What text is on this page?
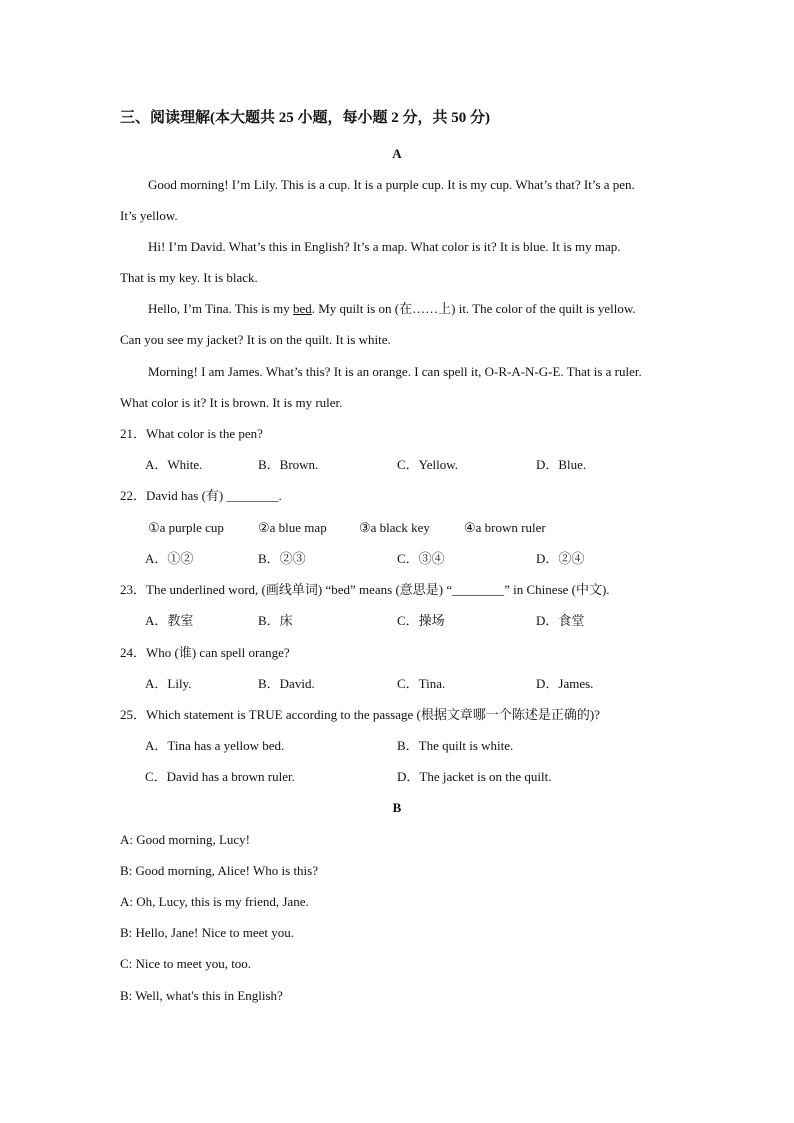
三、阅读理解(本大题共 25 小题，每小题 2 分，共 50 分)
A
Good morning! I’m Lily. This is a cup. It is a purple cup. It is my cup. What’s that? It’s a pen.
It’s yellow.
Hi! I’m David. What’s this in English? It’s a map. What color is it? It is blue. It is my map.
That is my key. It is black.
Hello, I’m Tina. This is my bed. My quilt is on (在……上) it. The color of the quilt is yellow.
Can you see my jacket? It is on the quilt. It is white.
Morning! I am James. What’s this? It is an orange. I can spell it, O-R-A-N-G-E. That is a ruler.
What color is it? It is brown. It is my ruler.
21．What color is the pen?
A．White.	B．Brown.	C．Yellow.	D．Blue.
22．David has (有) ________.
①a purple cup	②a blue map ③a black key	④a brown ruler
A．①②	B．②③	C．③④	D．②④
23．The underlined word, (画线单词) “bed” means (意思是) “________” in Chinese (中文).
A．教室	B．床	C．操场	D．食堂
24．Who (谁) can spell orange?
A．Lily.	B．David.	C．Tina.	D．James.
25．Which statement is TRUE according to the passage (根据文章哪一个陈述是正确的)?
A．Tina has a yellow bed.	B．The quilt is white.
C．David has a brown ruler.	D．The jacket is on the quilt.
B
A: Good morning, Lucy!
B: Good morning, Alice! Who is this?
A: Oh, Lucy, this is my friend, Jane.
B: Hello, Jane! Nice to meet you.
C: Nice to meet you, too.
B: Well, what's this in English?
